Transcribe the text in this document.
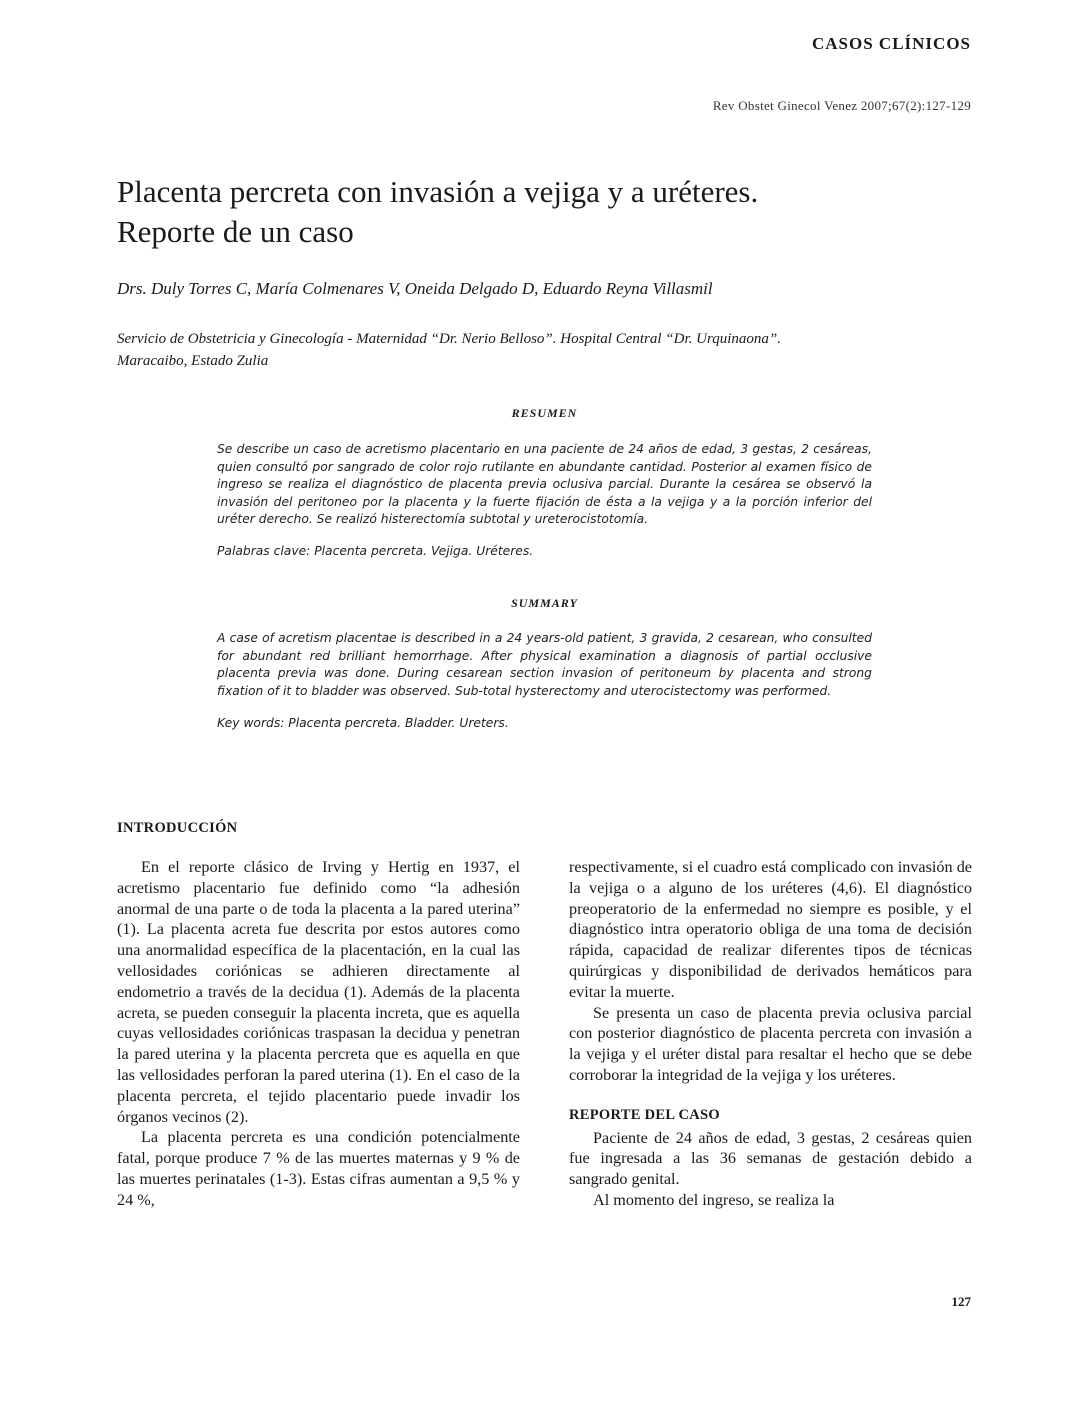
CASOS CLÍNICOS
Rev Obstet Ginecol Venez 2007;67(2):127-129
Placenta percreta con invasión a vejiga y a uréteres.
Reporte de un caso
Drs. Duly Torres C, María Colmenares V, Oneida Delgado D, Eduardo Reyna Villasmil
Servicio de Obstetricia y Ginecología - Maternidad “Dr. Nerio Belloso”. Hospital Central “Dr. Urquinaona”.
Maracaibo, Estado Zulia
RESUMEN
Se describe un caso de acretismo placentario en una paciente de 24 años de edad, 3 gestas, 2 cesáreas, quien consultó por sangrado de color rojo rutilante en abundante cantidad. Posterior al examen físico de ingreso se realiza el diagnóstico de placenta previa oclusiva parcial. Durante la cesárea se observó la invasión del peritoneo por la placenta y la fuerte fijación de ésta a la vejiga y a la porción inferior del uréter derecho. Se realizó histerectomía subtotal y ureterocistotomía.
Palabras clave: Placenta percreta. Vejiga. Uréteres.
SUMMARY
A case of acretism placentae is described in a 24 years-old patient, 3 gravida, 2 cesarean, who consulted for abundant red brilliant hemorrhage. After physical examination a diagnosis of partial occlusive placenta previa was done. During cesarean section invasion of peritoneum by placenta and strong fixation of it to bladder was observed. Sub-total hysterectomy and uterocistectomy was performed.
Key words: Placenta percreta. Bladder. Ureters.
INTRODUCCIÓN

En el reporte clásico de Irving y Hertig en 1937, el acretismo placentario fue definido como “la adhesión anormal de una parte o de toda la placenta a la pared uterina” (1). La placenta acreta fue descrita por estos autores como una anormalidad específica de la placentación, en la cual las vellosidades coriónicas se adhieren directamente al endometrio a través de la decidua (1). Además de la placenta acreta, se pueden conseguir la placenta increta, que es aquella cuyas vellosidades coriónicas traspasan la decidua y penetran la pared uterina y la placenta percreta que es aquella en que las vellosidades perforan la pared uterina (1). En el caso de la placenta percreta, el tejido placentario puede invadir los órganos vecinos (2).

La placenta percreta es una condición potencialmente fatal, porque produce 7 % de las muertes maternas y 9 % de las muertes perinatales (1-3). Estas cifras aumentan a 9,5 % y 24 %,

respectivamente, si el cuadro está complicado con invasión de la vejiga o a alguno de los uréteres (4,6). El diagnóstico preoperatorio de la enfermedad no siempre es posible, y el diagnóstico intra operatorio obliga de una toma de decisión rápida, capacidad de realizar diferentes tipos de técnicas quirúrgicas y disponibilidad de derivados hemáticos para evitar la muerte.

Se presenta un caso de placenta previa oclusiva parcial con posterior diagnóstico de placenta percreta con invasión a la vejiga y el uréter distal para resaltar el hecho que se debe corroborar la integridad de la vejiga y los uréteres.

REPORTE DEL CASO

Paciente de 24 años de edad, 3 gestas, 2 cesáreas quien fue ingresada a las 36 semanas de gestación debido a sangrado genital.

Al momento del ingreso, se realiza la

127
